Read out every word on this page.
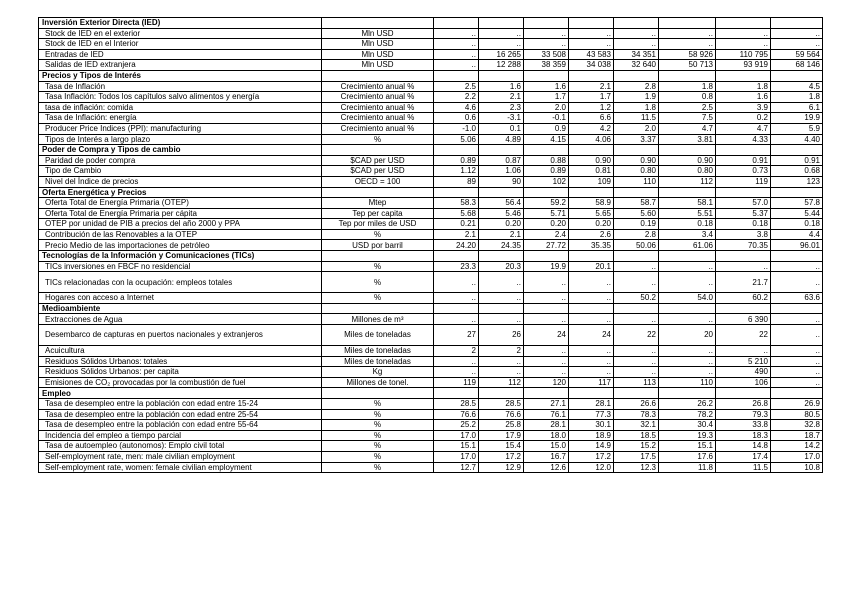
Inversión Exterior Directa (IED)									
Stock de IED en el exterior	Mln USD	..	..	..	..	..	..	..	..
Stock de IED en el Interior	Mln USD	..	..	..	..	..	..	..	..
Entradas de IED	Mln USD	..	16 265	33 508	43 583	34 351	58 926	110 795	59 564
Salidas de IED extranjera	Mln USD	..	12 288	38 359	34 038	32 640	50 713	93 919	68 146
Precios y Tipos de Interés									
Tasa de Inflación	Crecimiento anual %	2.5	1.6	1.6	2.1	2.8	1.8	1.8	4.5
Tasa Inflación: Todos los capítulos salvo alimentos y energía	Crecimiento anual %	2.2	2.1	1.7	1.7	1.9	0.8	1.6	1.8
tasa de inflación: comida	Crecimiento anual %	4.6	2.3	2.0	1.2	1.8	2.5	3.9	6.1
Tasa de Inflación: energía	Crecimiento anual %	0.6	-3.1	-0.1	6.6	11.5	7.5	0.2	19.9
Producer Price Indices (PPI): manufacturing	Crecimiento anual %	-1.0	0.1	0.9	4.2	2.0	4.7	4.7	5.9
Tipos de Interés a largo plazo	%	5.06	4.89	4.15	4.06	3.37	3.81	4.33	4.40
Poder de Compra y Tipos de cambio									
Paridad de poder compra	$CAD per USD	0.89	0.87	0.88	0.90	0.90	0.90	0.91	0.91
Tipo de Cambio	$CAD per USD	1.12	1.06	0.89	0.81	0.80	0.80	0.73	0.68
Nivel del Índice de precios	OECD = 100	89	90	102	109	110	112	119	123
Oferta Energética y Precios									
Oferta Total de Energía Primaria (OTEP)	Mtep	58.3	56.4	59.2	58.9	58.7	58.1	57.0	57.8
Oferta Total de Energía Primaria per cápita	Tep per capita	5.68	5.46	5.71	5.65	5.60	5.51	5.37	5.44
OTEP por unidad de PIB a precios del año 2000 y PPA	Tep por miles de USD	0.21	0.20	0.20	0.20	0.19	0.18	0.18	0.18
Contribución de las Renovables a la OTEP	%	2.1	2.1	2.4	2.6	2.8	3.4	3.8	4.4
Precio Medio de las importaciones de petróleo	USD por barril	24.20	24.35	27.72	35.35	50.06	61.06	70.35	96.01
Tecnologías de la Información y Comunicaciones (TICs)									
TICs inversiones en FBCF no residencial	%	23.3	20.3	19.9	20.1	..	..	..	..
TICs relacionadas con la ocupación: empleos totales	%	..	..	..	..	..	..	21.7	..
Hogares con acceso a Internet	%	..	..	..	..	50.2	54.0	60.2	63.6
Medioambiente									
Extracciones de Agua	Millones de m³	..	..	..	..	..	..	6 390	..
Desembarco de capturas en puertos nacionales y extranjeros	Miles de toneladas	27	26	24	24	22	20	22	..
Acuicultura	Miles de toneladas	2	2	..	..	..	..	..	..
Residuos Sólidos Urbanos: totales	Miles de toneladas	..	..	..	..	..	..	5 210	..
Residuos Sólidos Urbanos: per capita	Kg	..	..	..	..	..	..	490	..
Emisiones de CO₂ provocadas por la combustión de fuel	Millones de tonel.	119	112	120	117	113	110	106	..
Empleo									
Tasa de desempleo entre la población con edad entre 15-24	%	28.5	28.5	27.1	28.1	26.6	26.2	26.8	26.9
Tasa de desempleo entre la población con edad entre 25-54	%	76.6	76.6	76.1	77.3	78.3	78.2	79.3	80.5
Tasa de desempleo entre la población con edad entre 55-64	%	25.2	25.8	28.1	30.1	32.1	30.4	33.8	32.8
Incidencia del empleo a tiempo parcial	%	17.0	17.9	18.0	18.9	18.5	19.3	18.3	18.7
Tasa de autoempleo (autonomos): Emplo civil total	%	15.1	15.4	15.0	14.9	15.2	15.1	14.8	14.2
Self-employment rate, men: male civilian employment	%	17.0	17.2	16.7	17.2	17.5	17.6	17.4	17.0
Self-employment rate, women: female civilian employment	%	12.7	12.9	12.6	12.0	12.3	11.8	11.5	10.8
